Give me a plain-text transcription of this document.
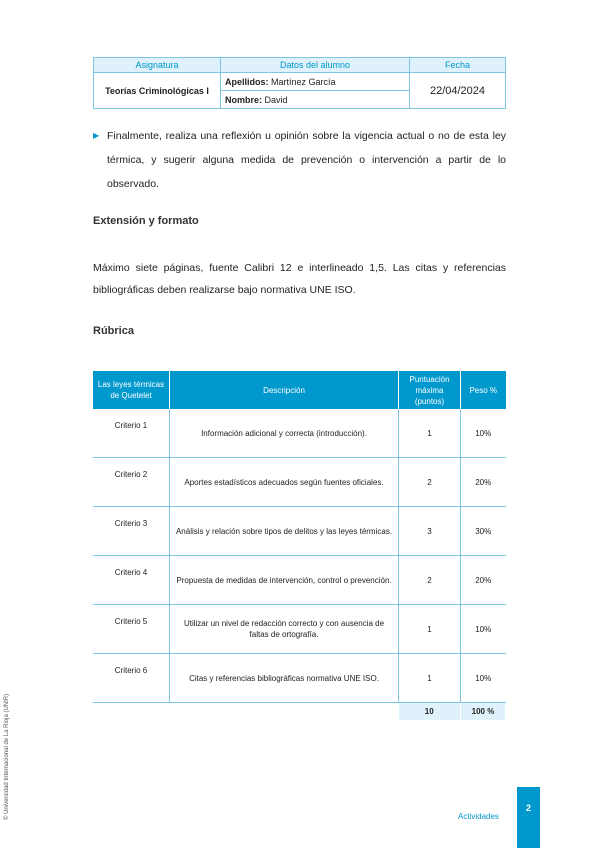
Asignatura	Datos del alumno	Fecha
Teorías Criminológicas I	Apellidos: Martínez García	22/04/2024
	Nombre: David	
▶ Finalmente, realiza una reflexión u opinión sobre la vigencia actual o no de esta ley térmica, y sugerir alguna medida de prevención o intervención a partir de lo observado.
Extensión y formato
Máximo siete páginas, fuente Calibri 12 e interlineado 1,5. Las citas y referencias bibliográficas deben realizarse bajo normativa UNE ISO.
Rúbrica
Las leyes térmicas de Quetelet	Descripción	Puntuación máxima (puntos)	Peso %
Criterio 1	Información adicional y correcta (introducción).	1	10%
Criterio 2	Aportes estadísticos adecuados según fuentes oficiales.	2	20%
Criterio 3	Análisis y relación sobre tipos de delitos y las leyes térmicas.	3	30%
Criterio 4	Propuesta de medidas de intervención, control o prevención.	2	20%
Criterio 5	Utilizar un nivel de redacción correcto y con ausencia de faltas de ortografía.	1	10%
Criterio 6	Citas y referencias bibliográficas normativa UNE ISO.	1	10%
		10	100 %
© Universidad Internacional de La Rioja (UNIR)	Actividades
2
